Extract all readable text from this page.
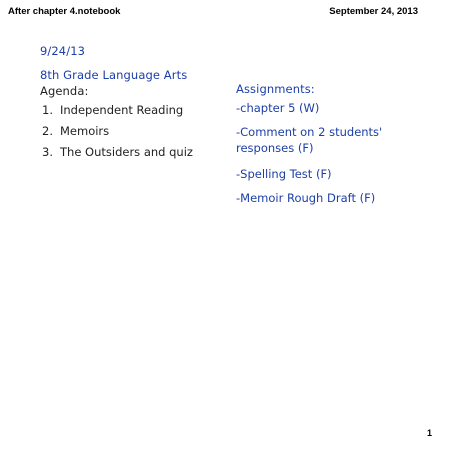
After chapter 4.notebook	September 24, 2013
9/24/13
8th Grade Language Arts
Agenda:
1. Independent Reading
2. Memoirs
3. The Outsiders and quiz
Assignments:
-chapter 5 (W)
-Comment on 2 students'
responses (F)
-Spelling Test (F)
-Memoir Rough Draft (F)
1
